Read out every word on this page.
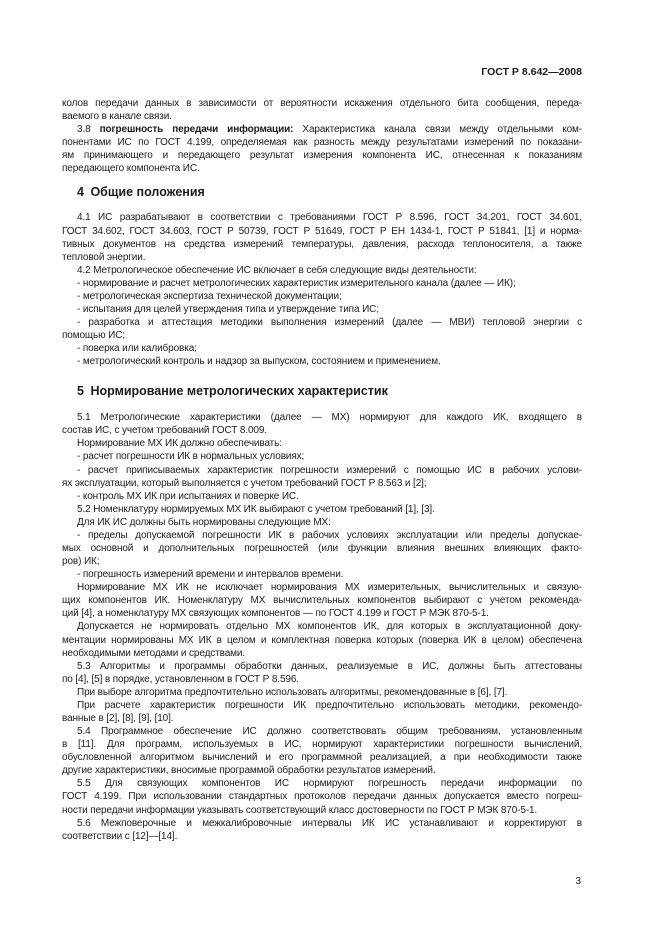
ГОСТ Р 8.642—2008
колов передачи данных в зависимости от вероятности искажения отдельного бита сообщения, переда-
ваемого в канале связи.
3.8 погрешность передачи информации: Характеристика канала связи между отдельными ком-
понентами ИС по ГОСТ 4.199, определяемая как разность между результатами измерений по показани-
ям принимающего и передающего результат измерения компонента ИС, отнесенная к показаниям
передающего компонента ИС.
4 Общие положения
4.1 ИС разрабатывают в соответствии с требованиями ГОСТ Р 8.596, ГОСТ 34.201, ГОСТ 34.601,
ГОСТ 34.602, ГОСТ 34.603, ГОСТ Р 50739, ГОСТ Р 51649, ГОСТ Р ЕН 1434-1, ГОСТ Р 51841, [1] и норма-
тивных документов на средства измерений температуры, давления, расхода теплоносителя, а также
тепловой энергии.
4.2 Метрологическое обеспечение ИС включает в себя следующие виды деятельности:
- нормирование и расчет метрологических характеристик измерительного канала (далее — ИК);
- метрологическая экспертиза технической документации;
- испытания для целей утверждения типа и утверждение типа ИС;
- разработка и аттестация методики выполнения измерений (далее — МВИ) тепловой энергии с
помощью ИС;
- поверка или калибровка;
- метрологический контроль и надзор за выпуском, состоянием и применением.
5 Нормирование метрологических характеристик
5.1 Метрологические характеристики (далее — МХ) нормируют для каждого ИК, входящего в
состав ИС, с учетом требований ГОСТ 8.009.
Нормирование МХ ИК должно обеспечивать:
- расчет погрешности ИК в нормальных условиях;
- расчет приписываемых характеристик погрешности измерений с помощью ИС в рабочих услови-
ях эксплуатации, который выполняется с учетом требований ГОСТ Р 8.563 и [2];
- контроль МХ ИК при испытаниях и поверке ИС.
5.2 Номенклатуру нормируемых МХ ИК выбирают с учетом требований [1], [3].
Для ИК ИС должны быть нормированы следующие МХ:
- пределы допускаемой погрешности ИК в рабочих условиях эксплуатации или пределы допускае-
мых основной и дополнительных погрешностей (или функции влияния внешних влияющих факто-
ров) ИК;
- погрешность измерений времени и интервалов времени.
Нормирование МХ ИК не исключает нормирования МХ измерительных, вычислительных и связую-
щих компонентов ИК. Номенклатуру МХ вычислительных компонентов выбирают с учетом рекоменда-
ций [4], а номенклатуру МХ связующих компонентов — по ГОСТ 4.199 и ГОСТ Р МЭК 870-5-1.
Допускается не нормировать отдельно МХ компонентов ИК, для которых в эксплуатационной доку-
ментации нормированы МХ ИК в целом и комплектная поверка которых (поверка ИК в целом) обеспечена
необходимыми методами и средствами.
5.3 Алгоритмы и программы обработки данных, реализуемые в ИС, должны быть аттестованы
по [4], [5] в порядке, установленном в ГОСТ Р 8.596.
При выборе алгоритма предпочтительно использовать алгоритмы, рекомендованные в [6], [7].
При расчете характеристик погрешности ИК предпочтительно использовать методики, рекомендо-
ванные в [2], [8], [9], [10].
5.4 Программное обеспечение ИС должно соответствовать общим требованиям, установленным
в [11]. Для программ, используемых в ИС, нормируют характеристики погрешности вычислений,
обусловленной алгоритмом вычислений и его программной реализацией, а при необходимости также
другие характеристики, вносимые программой обработки результатов измерений.
5.5 Для связующих компонентов ИС нормируют погрешность передачи информации по
ГОСТ 4.199. При использовании стандартных протоколов передачи данных допускается вместо погреш-
ности передачи информации указывать соответствующий класс достоверности по ГОСТ Р МЭК 870-5-1.
5.6 Межповерочные и межкалибровочные интервалы ИК ИС устанавливают и корректируют в
соответствии с [12]—[14].
3
